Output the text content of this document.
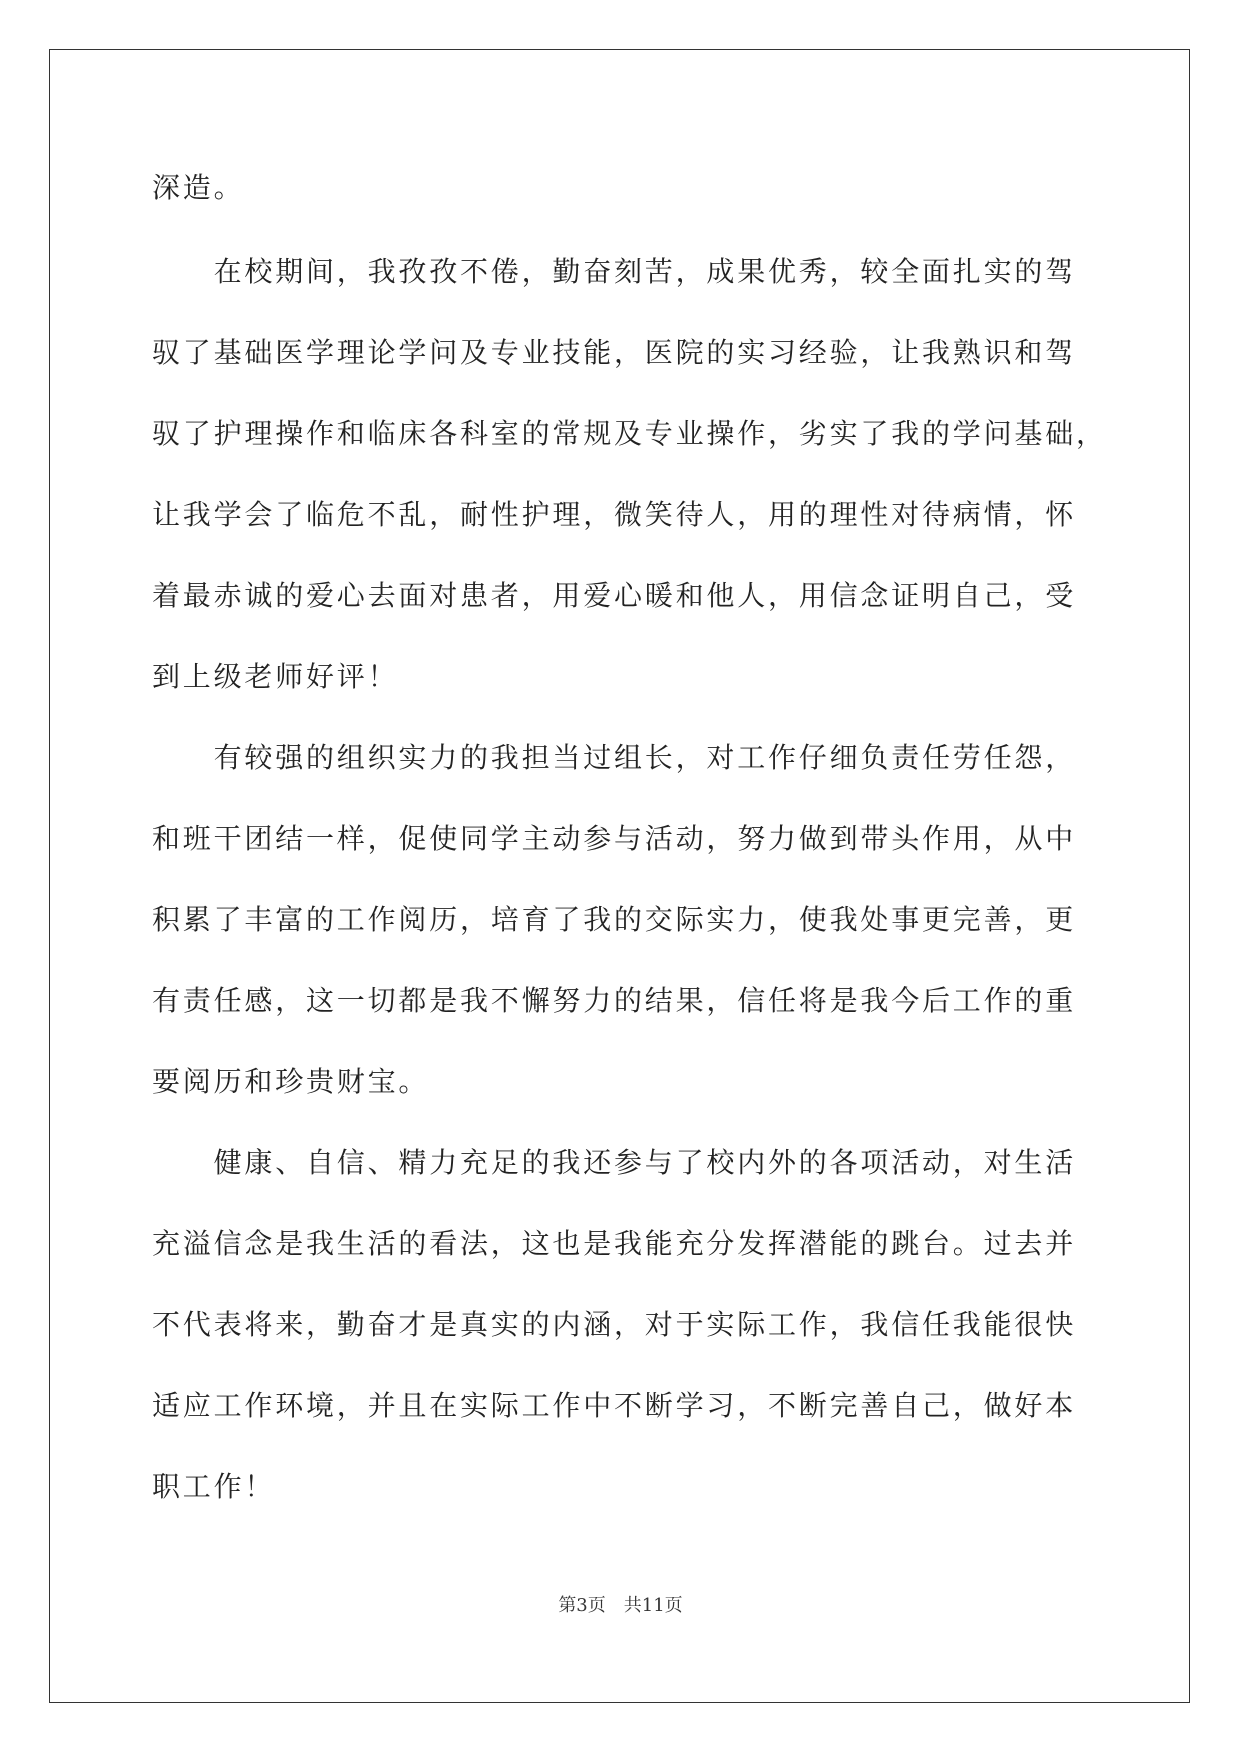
深造。
　　在校期间，我孜孜不倦，勤奋刻苦，成果优秀，较全面扎实的驾
驭了基础医学理论学问及专业技能，医院的实习经验，让我熟识和驾
驭了护理操作和临床各科室的常规及专业操作，劣实了我的学问基础，
让我学会了临危不乱，耐性护理，微笑待人，用的理性对待病情，怀
着最赤诚的爱心去面对患者，用爱心暖和他人，用信念证明自己，受
到上级老师好评！
　　有较强的组织实力的我担当过组长，对工作仔细负责任劳任怨，
和班干团结一样，促使同学主动参与活动，努力做到带头作用，从中
积累了丰富的工作阅历，培育了我的交际实力，使我处事更完善，更
有责任感，这一切都是我不懈努力的结果，信任将是我今后工作的重
要阅历和珍贵财宝。
　　健康、自信、精力充足的我还参与了校内外的各项活动，对生活
充溢信念是我生活的看法，这也是我能充分发挥潜能的跳台。过去并
不代表将来，勤奋才是真实的内涵，对于实际工作，我信任我能很快
适应工作环境，并且在实际工作中不断学习，不断完善自己，做好本
职工作！
第3页 共11页
